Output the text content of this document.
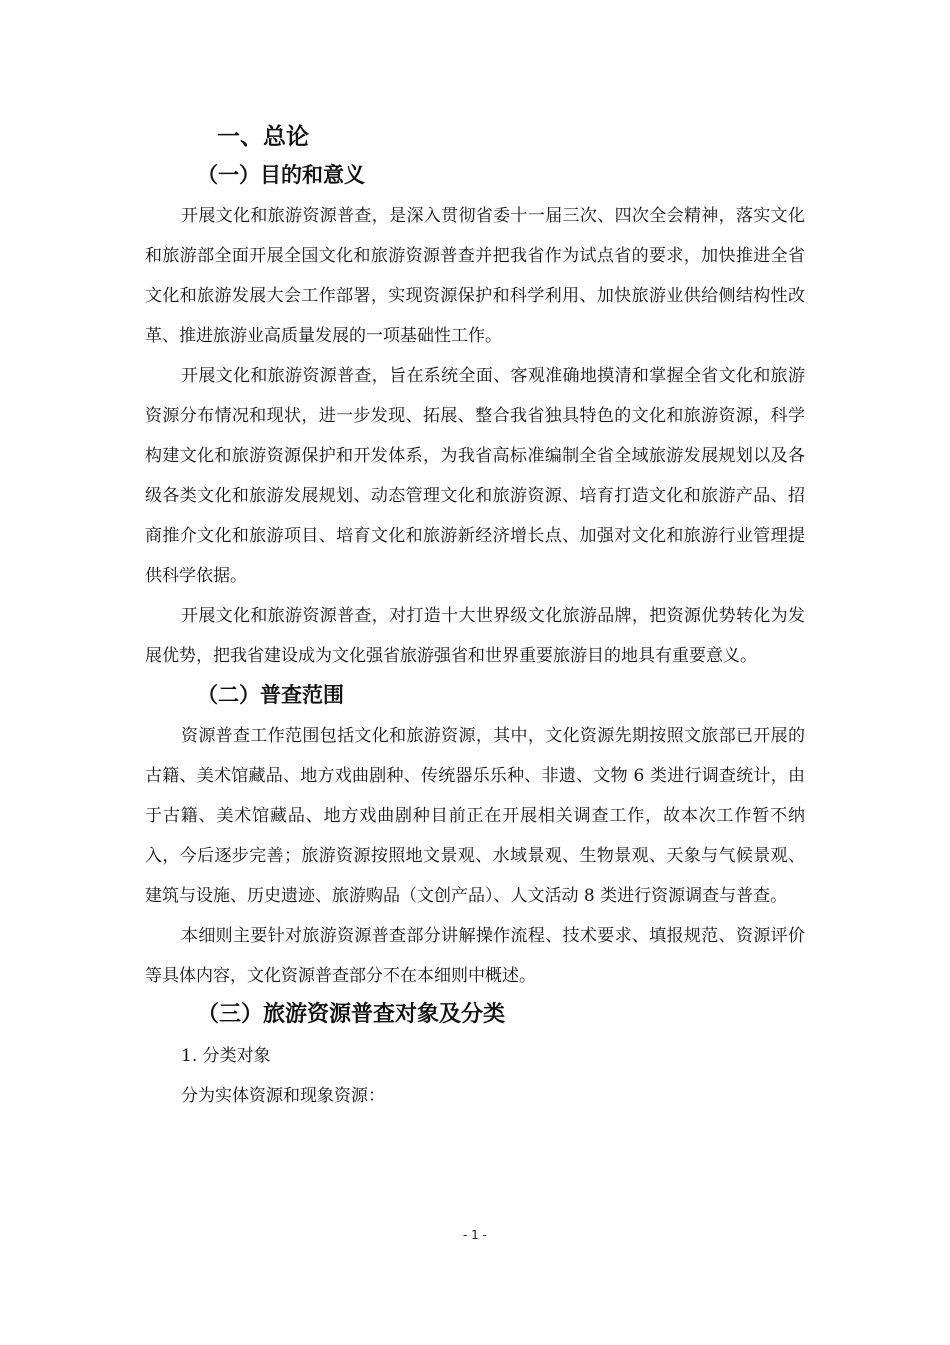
一、总论
（一）目的和意义

开展文化和旅游资源普查，是深入贯彻省委十一届三次、四次全会精神，落实文化和旅游部全面开展全国文化和旅游资源普查并把我省作为试点省的要求，加快推进全省文化和旅游发展大会工作部署，实现资源保护和科学利用、加快旅游业供给侧结构性改革、推进旅游业高质量发展的一项基础性工作。

开展文化和旅游资源普查，旨在系统全面、客观准确地摸清和掌握全省文化和旅游资源分布情况和现状，进一步发现、拓展、整合我省独具特色的文化和旅游资源，科学构建文化和旅游资源保护和开发体系，为我省高标准编制全省全域旅游发展规划以及各级各类文化和旅游发展规划、动态管理文化和旅游资源、培育打造文化和旅游产品、招商推介文化和旅游项目、培育文化和旅游新经济增长点、加强对文化和旅游行业管理提供科学依据。

开展文化和旅游资源普查，对打造十大世界级文化旅游品牌，把资源优势转化为发展优势，把我省建设成为文化强省旅游强省和世界重要旅游目的地具有重要意义。

（二）普查范围

资源普查工作范围包括文化和旅游资源，其中，文化资源先期按照文旅部已开展的古籍、美术馆藏品、地方戏曲剧种、传统器乐乐种、非遗、文物 6 类进行调查统计，由于古籍、美术馆藏品、地方戏曲剧种目前正在开展相关调查工作，故本次工作暂不纳入，今后逐步完善；旅游资源按照地文景观、水域景观、生物景观、天象与气候景观、建筑与设施、历史遗迹、旅游购品（文创产品）、人文活动 8 类进行资源调查与普查。

本细则主要针对旅游资源普查部分讲解操作流程、技术要求、填报规范、资源评价等具体内容，文化资源普查部分不在本细则中概述。

（三）旅游资源普查对象及分类

1. 分类对象

分为实体资源和现象资源：

- 1 -
